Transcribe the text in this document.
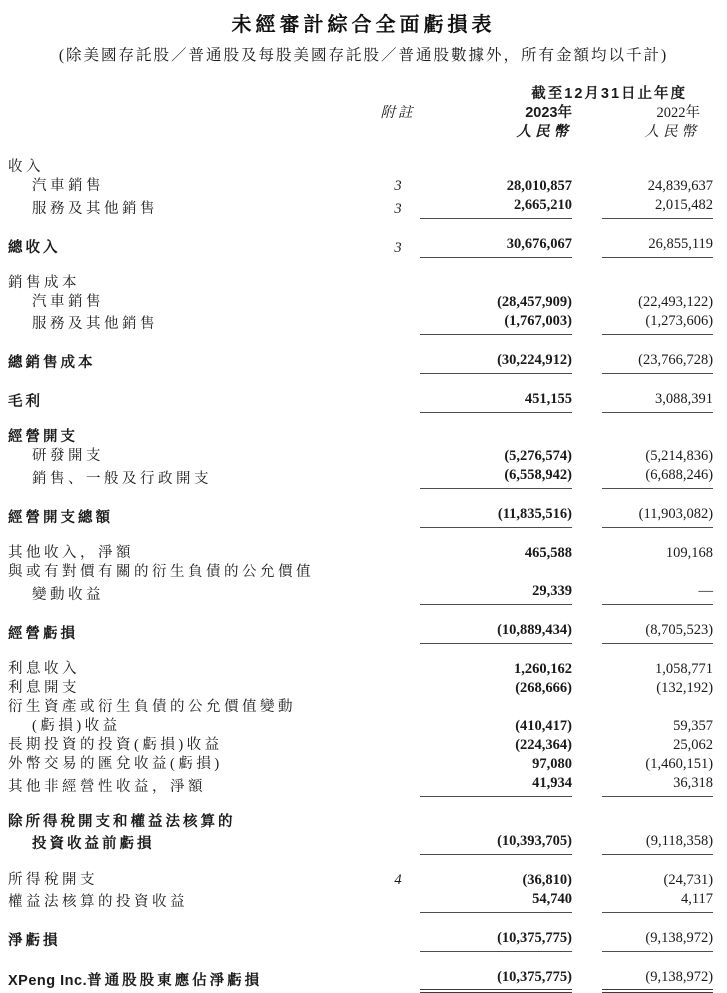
未經審計綜合全面虧損表

(除美國存託股／普通股及每股美國存託股／普通股數據外，所有金額均以千計)

		截至12月31日止年度		
	附註	2023年		2022年
		人民幣		人民幣
收入				
汽車銷售	3	28,010,857		24,839,637
服務及其他銷售	3	2,665,210		2,015,482
總收入	3	30,676,067		26,855,119
銷售成本				
汽車銷售		(28,457,909)		(22,493,122)
服務及其他銷售		(1,767,003)		(1,273,606)
總銷售成本		(30,224,912)		(23,766,728)
毛利		451,155		3,088,391
經營開支				
研發開支		(5,276,574)		(5,214,836)
銷售、一般及行政開支		(6,558,942)		(6,688,246)
經營開支總額		(11,835,516)		(11,903,082)
其他收入，淨額		465,588		109,168
與或有對價有關的衍生負債的公允價值				
變動收益		29,339		—
經營虧損		(10,889,434)		(8,705,523)
利息收入		1,260,162		1,058,771
利息開支		(268,666)		(132,192)
衍生資產或衍生負債的公允價值變動				
(虧損)收益		(410,417)		59,357
長期投資的投資(虧損)收益		(224,364)		25,062
外幣交易的匯兌收益(虧損)		97,080		(1,460,151)
其他非經營性收益，淨額		41,934		36,318
除所得稅開支和權益法核算的				
投資收益前虧損		(10,393,705)		(9,118,358)
所得稅開支	4	(36,810)		(24,731)
權益法核算的投資收益		54,740		4,117
淨虧損		(10,375,775)		(9,138,972)
XPeng Inc.普通股股東應佔淨虧損		(10,375,775)		(9,138,972)
